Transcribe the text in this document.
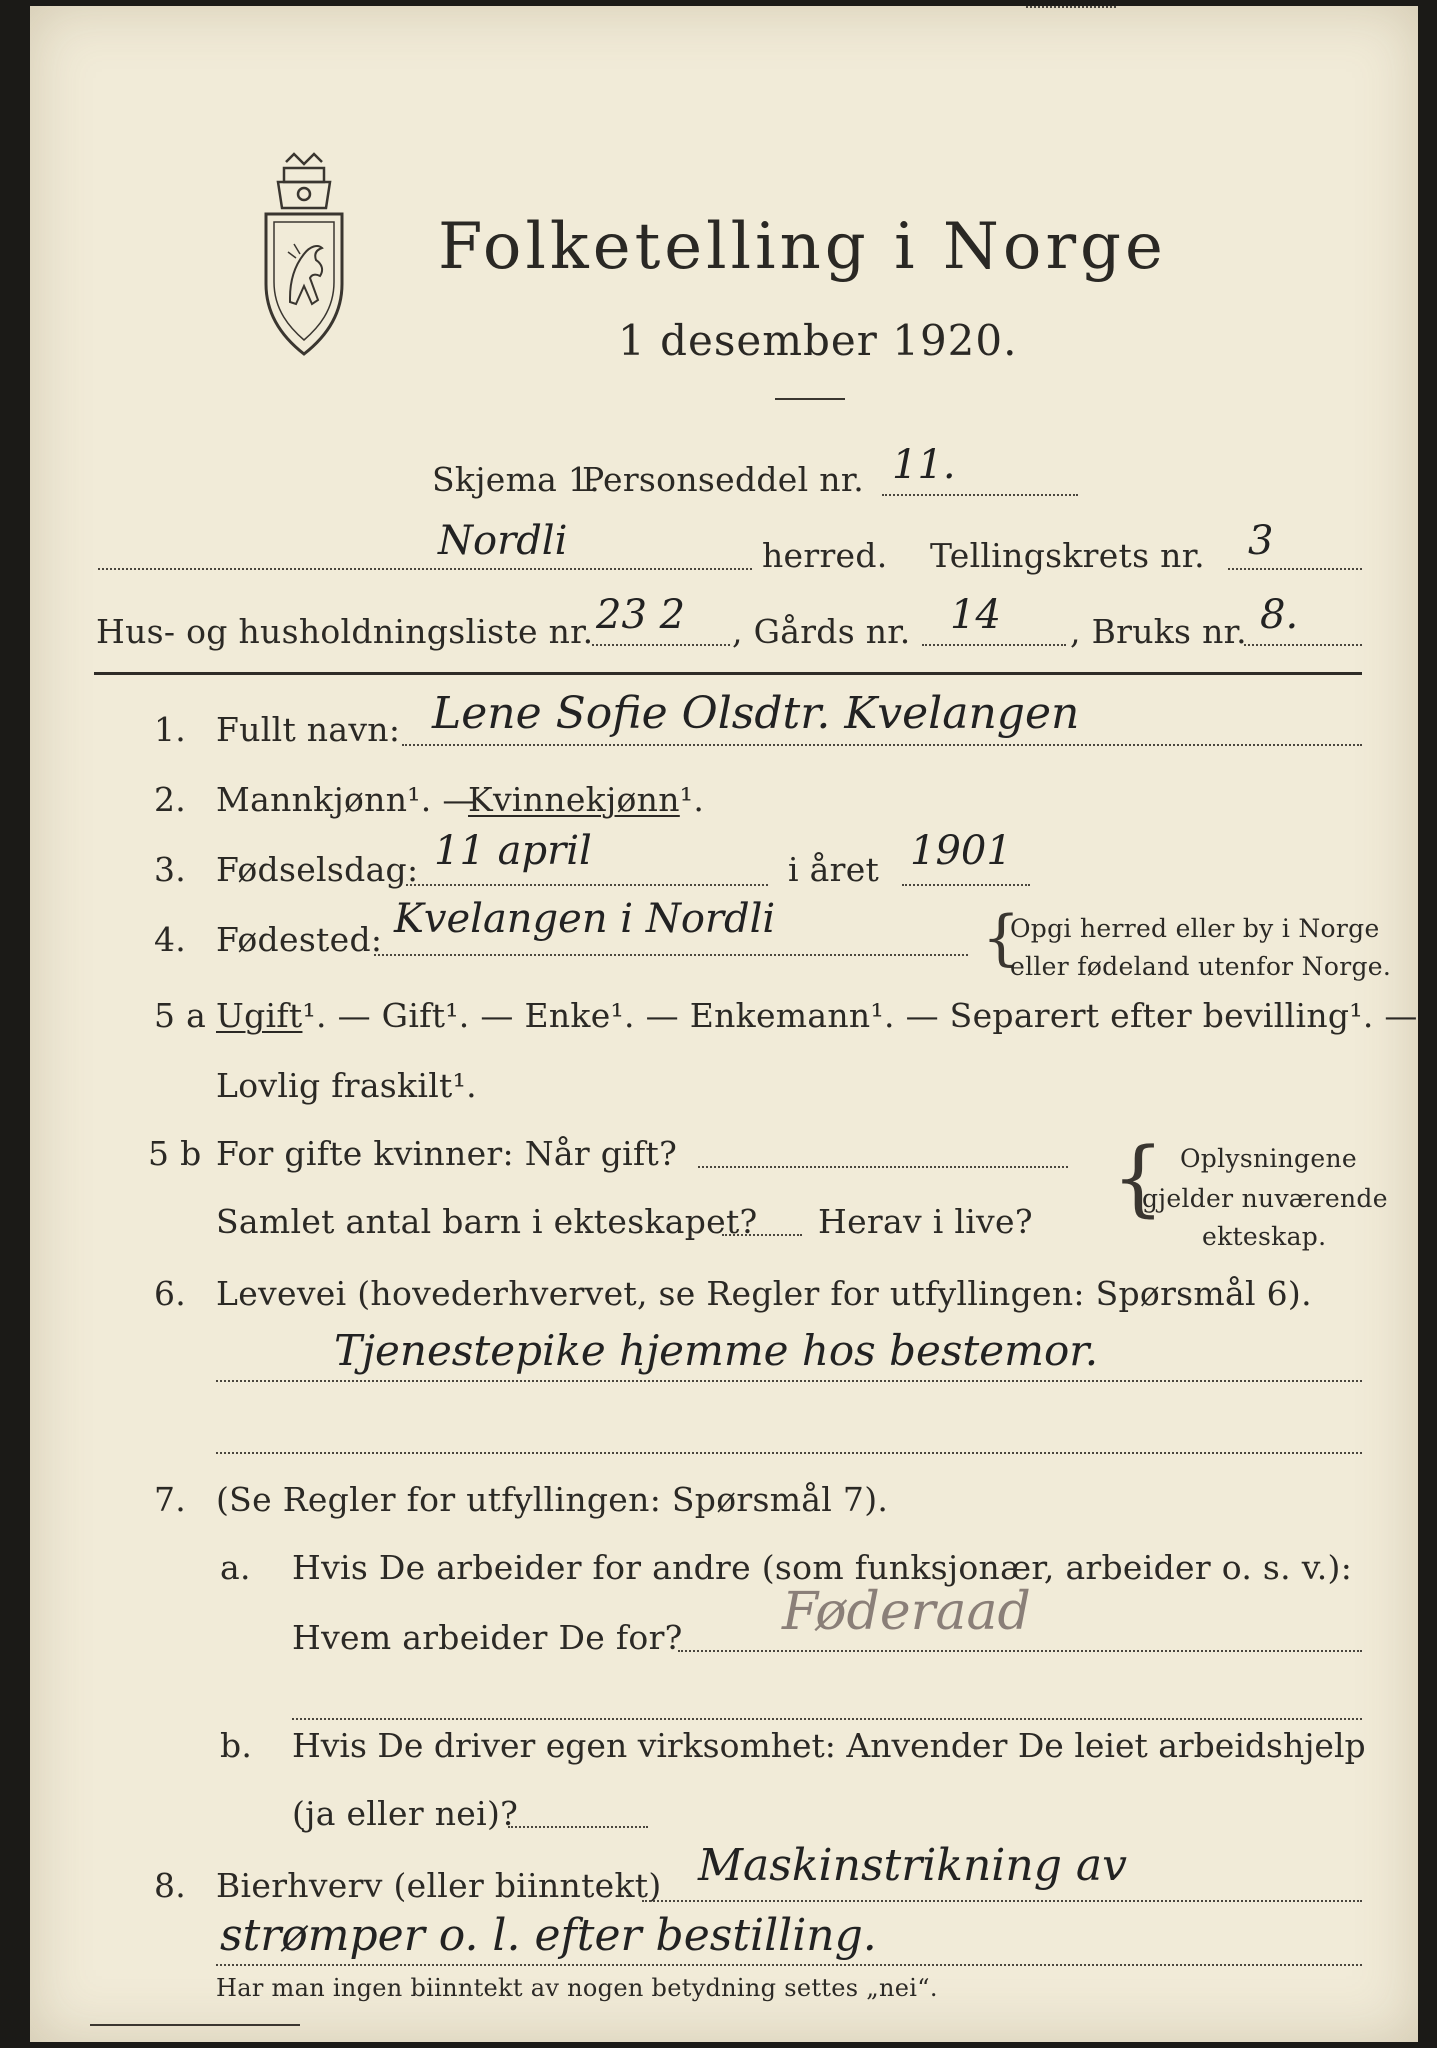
Folketelling i Norge
1 desember 1920.
Skjema 1.
Personseddel nr. 11.
Nordli	herred. Tellingskrets nr. 3
Hus- og husholdningsliste nr. 23 2 , Gårds nr. 14 , Bruks nr. 8.
1. Fullt navn: Lene Sofie Olsdtr. Kvelangen
2. Mannkjønn¹. —
Kvinnekjønn¹.
3. Fødselsdag: 11 april	i året 1901
4. Fødested: Kvelangen i Nordli	{
Opgi herred eller by i Norge
eller fødeland utenfor Norge.
5 a Ugift¹. — Gift¹. — Enke¹. — Enkemann¹. — Separert efter bevilling¹. —
Lovlig fraskilt¹.
5 b For gifte kvinner: Når gift?
Samlet antal barn i ekteskapet? Herav i live? { Oplysningene
gjelder nuværende
ekteskap.
6. Levevei (hovederhvervet, se Regler for utfyllingen: Spørsmål 6).
Tjenestepike hjemme hos bestemor.
7. (Se Regler for utfyllingen: Spørsmål 7).
a. Hvis De arbeider for andre (som funksjonær, arbeider o. s. v.):
Hvem arbeider De for? Føderaad
b. Hvis De driver egen virksomhet: Anvender De leiet arbeidshjelp
(ja eller nei)?
8. Bierhverv (eller biinntekt) Maskinstrikning av
strømper o. l. efter bestilling.
Har man ingen biinntekt av nogen betydning settes „nei“.
